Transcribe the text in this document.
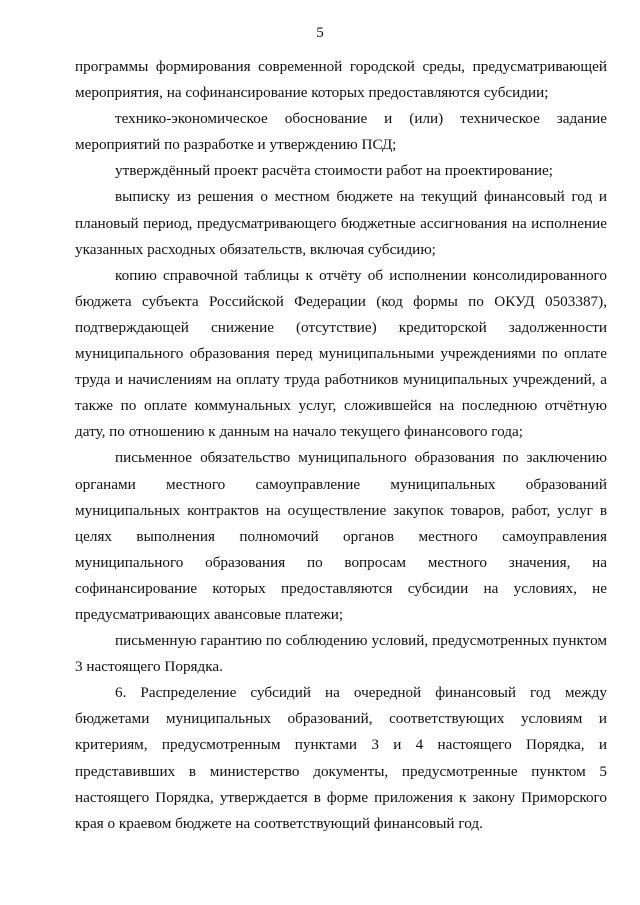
5

программы формирования современной городской среды, предусматривающей мероприятия, на софинансирование которых предоставляются субсидии;

технико-экономическое обоснование и (или) техническое задание мероприятий по разработке и утверждению ПСД;

утверждённый проект расчёта стоимости работ на проектирование;

выписку из решения о местном бюджете на текущий финансовый год и плановый период, предусматривающего бюджетные ассигнования на исполнение указанных расходных обязательств, включая субсидию;

копию справочной таблицы к отчёту об исполнении консолидированного бюджета субъекта Российской Федерации (код формы по ОКУД 0503387), подтверждающей снижение (отсутствие) кредиторской задолженности муниципального образования перед муниципальными учреждениями по оплате труда и начислениям на оплату труда работников муниципальных учреждений, а также по оплате коммунальных услуг, сложившейся на последнюю отчётную дату, по отношению к данным на начало текущего финансового года;

письменное обязательство муниципального образования по заключению органами местного самоуправление муниципальных образований муниципальных контрактов на осуществление закупок товаров, работ, услуг в целях выполнения полномочий органов местного самоуправления муниципального образования по вопросам местного значения, на софинансирование которых предоставляются субсидии на условиях, не предусматривающих авансовые платежи;

письменную гарантию по соблюдению условий, предусмотренных пунктом 3 настоящего Порядка.

6. Распределение субсидий на очередной финансовый год между бюджетами муниципальных образований, соответствующих условиям и критериям, предусмотренным пунктами 3 и 4 настоящего Порядка, и представивших в министерство документы, предусмотренные пунктом 5 настоящего Порядка, утверждается в форме приложения к закону Приморского края о краевом бюджете на соответствующий финансовый год.
